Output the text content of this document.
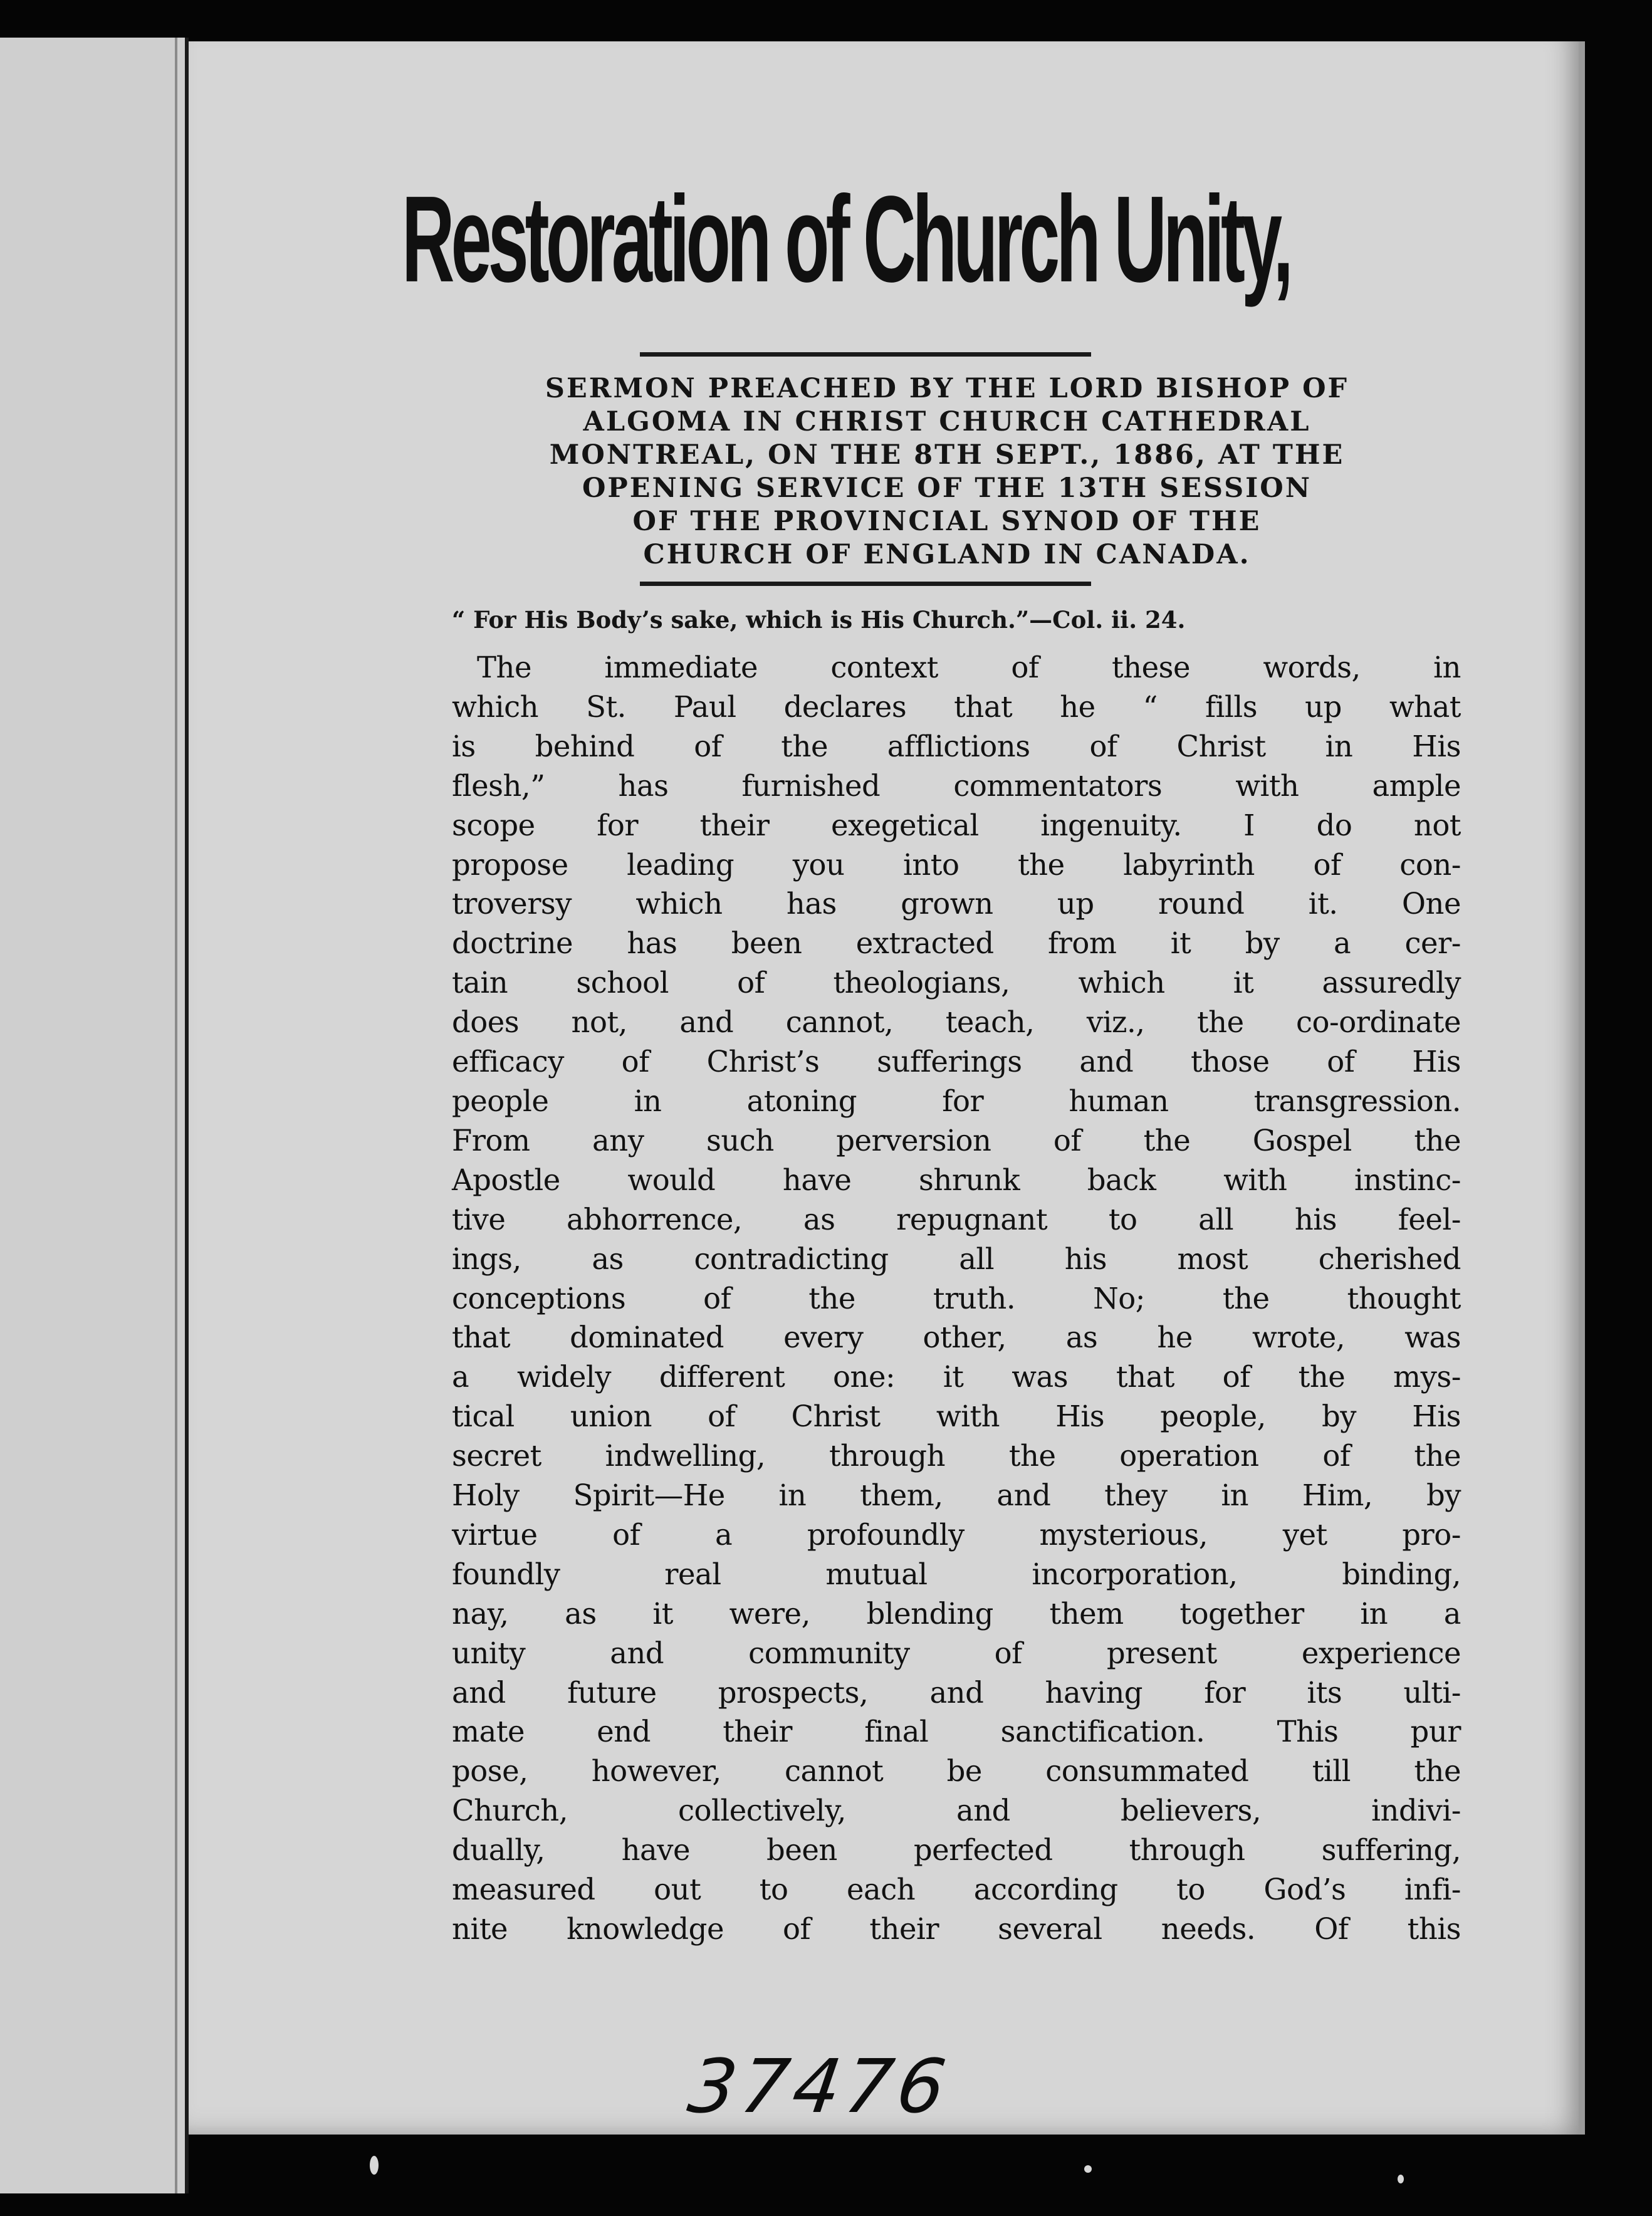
Restoration of Church Unity,
SERMON PREACHED BY THE LORD BISHOP OF
ALGOMA IN CHRIST CHURCH CATHEDRAL
MONTREAL, ON THE 8TH SEPT., 1886, AT THE
OPENING SERVICE OF THE 13TH SESSION
OF THE PROVINCIAL SYNOD OF THE
CHURCH OF ENGLAND IN CANADA.
“ For His Body’s sake, which is His Church.”—Col. ii. 24.
The immediate context of these words, in
which St. Paul declares that he “ fills up what
is behind of the afflictions of Christ in His
flesh,” has furnished commentators with ample
scope for their exegetical ingenuity. I do not
propose leading you into the labyrinth of con-
troversy which has grown up round it. One
doctrine has been extracted from it by a cer-
tain school of theologians, which it assuredly
does not, and cannot, teach, viz., the co-ordinate
efficacy of Christ’s sufferings and those of His
people in atoning for human transgression.
From any such perversion of the Gospel the
Apostle would have shrunk back with instinc-
tive abhorrence, as repugnant to all his feel-
ings, as contradicting all his most cherished
conceptions of the truth. No; the thought
that dominated every other, as he wrote, was
a widely different one: it was that of the mys-
tical union of Christ with His people, by His
secret indwelling, through the operation of the
Holy Spirit—He in them, and they in Him, by
virtue of a profoundly mysterious, yet pro-
foundly real mutual incorporation, binding,
nay, as it were, blending them together in a
unity and community of present experience
and future prospects, and having for its ulti-
mate end their final sanctification. This pur
pose, however, cannot be consummated till the
Church, collectively, and believers, indivi-
dually, have been perfected through suffering,
measured out to each according to God’s infi-
nite knowledge of their several needs. Of this
37476
